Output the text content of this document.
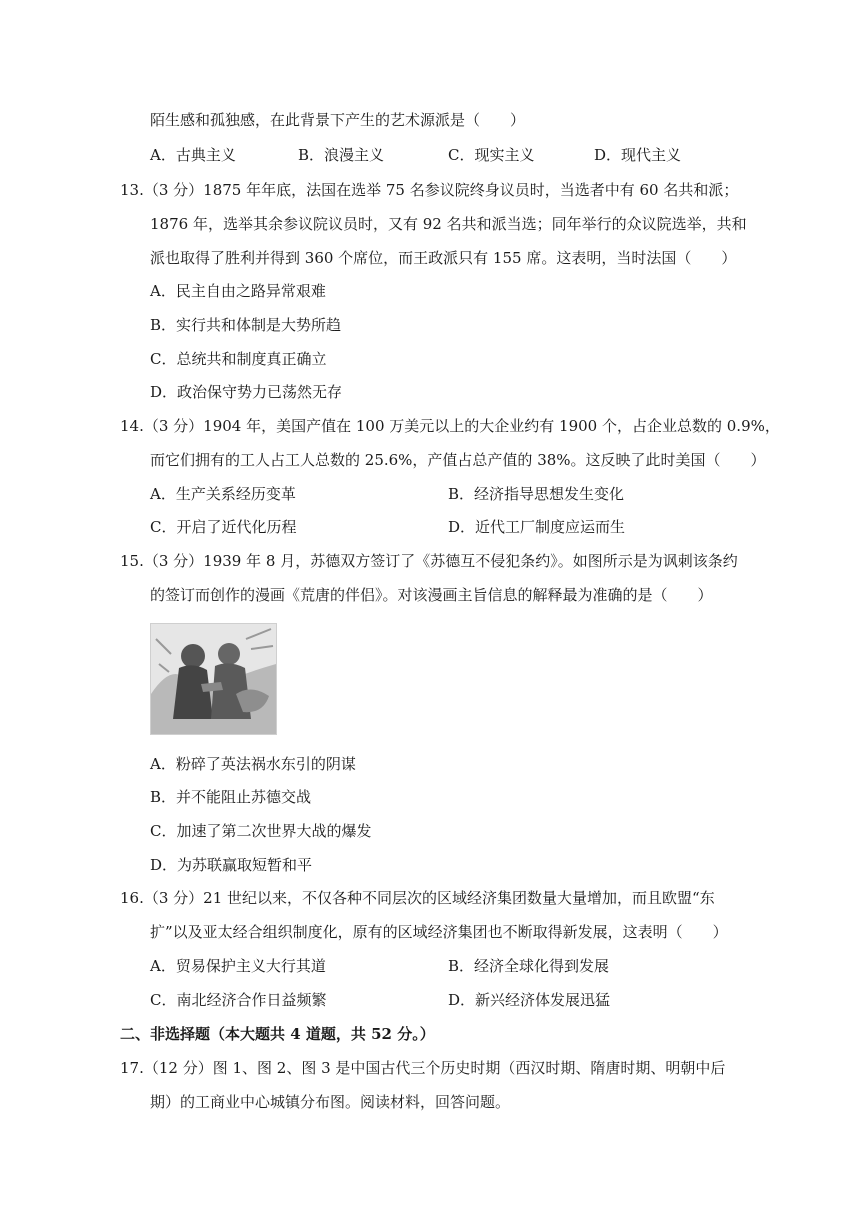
陌生感和孤独感，在此背景下产生的艺术源派是（　　）
A．古典主义	B．浪漫主义	C．现实主义	D．现代主义
13.（3 分）1875 年年底，法国在选举 75 名参议院终身议员时，当选者中有 60 名共和派；
1876 年，选举其余参议院议员时，又有 92 名共和派当选；同年举行的众议院选举，共和
派也取得了胜利并得到 360 个席位，而王政派只有 155 席。这表明，当时法国（　　）
A．民主自由之路异常艰难
B．实行共和体制是大势所趋
C．总统共和制度真正确立
D．政治保守势力已荡然无存
14.（3 分）1904 年，美国产值在 100 万美元以上的大企业约有 1900 个，占企业总数的 0.9%，
而它们拥有的工人占工人总数的 25.6%，产值占总产值的 38%。这反映了此时美国（　　）
A．生产关系经历变革	B．经济指导思想发生变化
C．开启了近代化历程	D．近代工厂制度应运而生
15.（3 分）1939 年 8 月，苏德双方签订了《苏德互不侵犯条约》。如图所示是为讽刺该条约
的签订而创作的漫画《荒唐的伴侣》。对该漫画主旨信息的解释最为准确的是（　　）
A．粉碎了英法祸水东引的阴谋
B．并不能阻止苏德交战
C．加速了第二次世界大战的爆发
D．为苏联赢取短暂和平
16.（3 分）21 世纪以来，不仅各种不同层次的区域经济集团数量大量增加，而且欧盟“东
扩”以及亚太经合组织制度化，原有的区域经济集团也不断取得新发展，这表明（　　）
A．贸易保护主义大行其道	B．经济全球化得到发展
C．南北经济合作日益频繁	D．新兴经济体发展迅猛
二、非选择题（本大题共 4 道题，共 52 分。）
17.（12 分）图 1、图 2、图 3 是中国古代三个历史时期（西汉时期、隋唐时期、明朝中后
期）的工商业中心城镇分布图。阅读材料，回答问题。
